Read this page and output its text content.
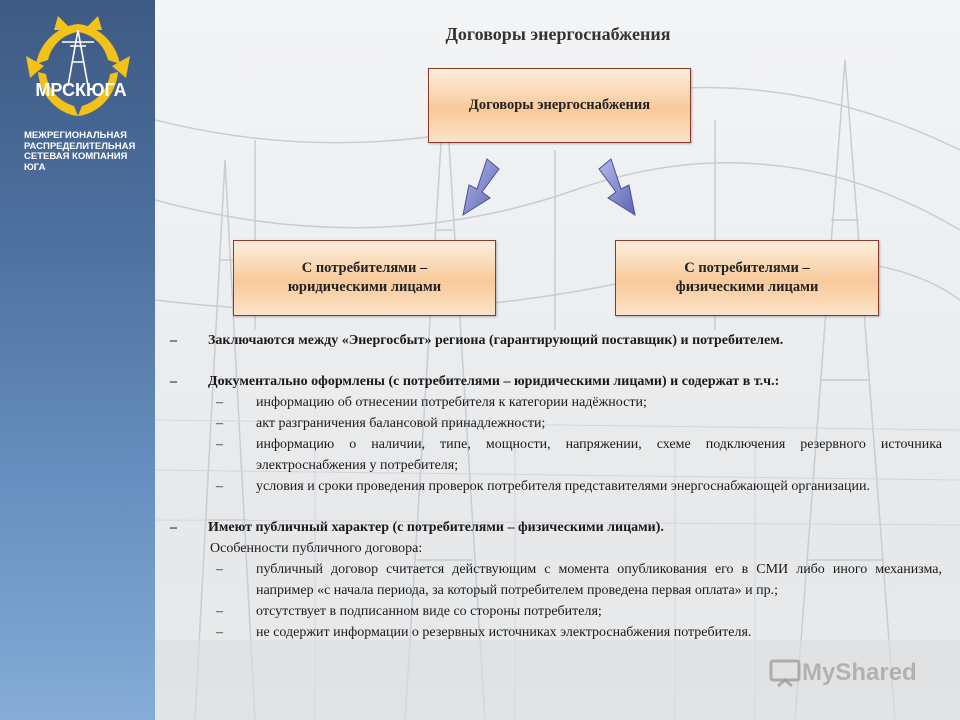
МРСКЮГА
МЕЖРЕГИОНАЛЬНАЯ
РАСПРЕДЕЛИТЕЛЬНАЯ
СЕТЕВАЯ КОМПАНИЯ
ЮГА
Договоры энергоснабжения
Договоры энергоснабжения
С потребителями –
юридическими лицами
С потребителями –
физическими лицами
–	Заключаются между «Энергосбыт» региона (гарантирующий поставщик) и потребителем.
–	Документально оформлены (с потребителями – юридическими лицами) и содержат в т.ч.:
–	информацию об отнесении потребителя к категории надёжности;
–	акт разграничения балансовой принадлежности;
–	информацию о наличии, типе, мощности, напряжении, схеме подключения резервного источника электроснабжения у потребителя;
–	условия и сроки проведения проверок потребителя представителями энергоснабжающей организации.
–	Имеют публичный характер (с потребителями – физическими лицами).
Особенности публичного договора:
–	публичный договор считается действующим с момента опубликования его в СМИ либо иного механизма, например «с начала периода, за который потребителем проведена первая оплата» и пр.;
–	отсутствует в подписанном виде со стороны потребителя;
–	не содержит информации о резервных источниках электроснабжения потребителя.
MyShared
